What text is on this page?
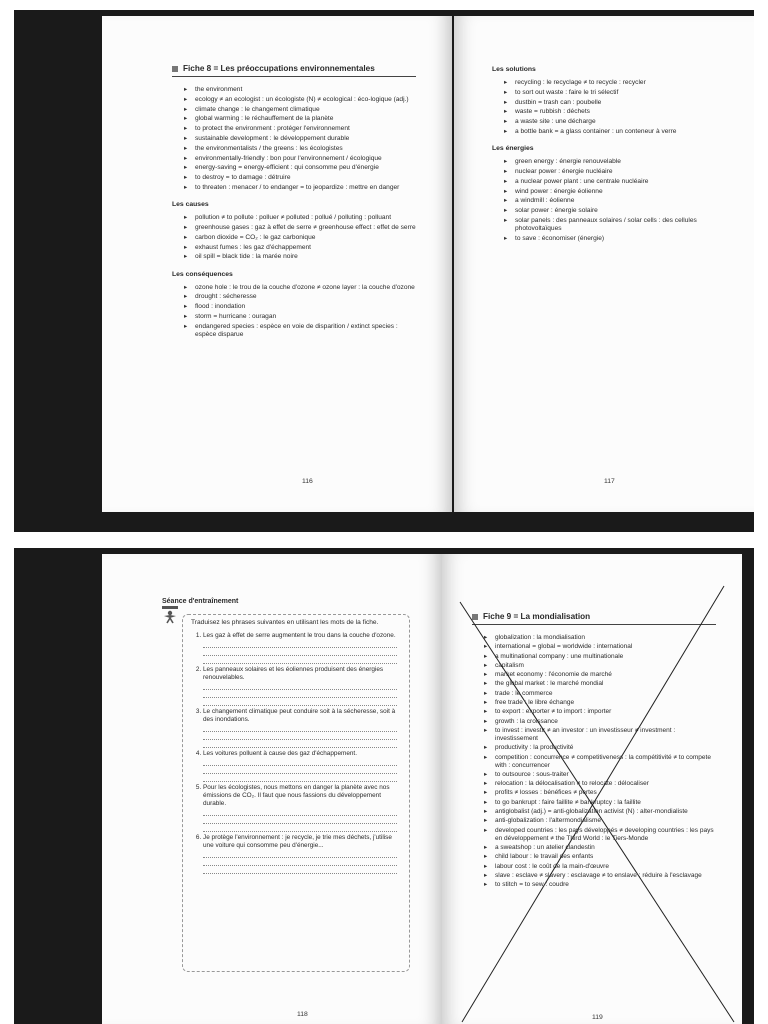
Fiche 8 = Les préoccupations environnementales
▸ the environment
▸ ecology ≠ an ecologist : un écologiste (N) ≠ ecological : éco-logique (adj.)
▸ climate change : le changement climatique
▸ global warming : le réchauffement de la planète
▸ to protect the environment : protéger l'environnement
▸ sustainable development : le développement durable
▸ the environmentalists / the greens : les écologistes
▸ environmentally-friendly : bon pour l'environnement / écologique
▸ energy-saving = energy-efficient : qui consomme peu d'énergie
▸ to destroy = to damage : détruire
▸ to threaten : menacer / to endanger = to jeopardize : mettre en danger
Les causes
▸ pollution ≠ to pollute : polluer ≠ polluted : pollué / polluting : polluant
▸ greenhouse gases : gaz à effet de serre ≠ greenhouse effect : effet de serre
▸ carbon dioxide = CO₂ : le gaz carbonique
▸ exhaust fumes : les gaz d'échappement
▸ oil spill = black tide : la marée noire
Les conséquences
▸ ozone hole : le trou de la couche d'ozone ≠ ozone layer : la couche d'ozone
▸ drought : sécheresse
▸ flood : inondation
▸ storm = hurricane : ouragan
▸ endangered species : espèce en voie de disparition / extinct species : espèce disparue
116
Les solutions
▸ recycling : le recyclage ≠ to recycle : recycler
▸ to sort out waste : faire le tri sélectif
▸ dustbin = trash can : poubelle
▸ waste = rubbish : déchets
▸ a waste site : une décharge
▸ a bottle bank = a glass container : un conteneur à verre
Les énergies
▸ green energy : énergie renouvelable
▸ nuclear power : énergie nucléaire
▸ a nuclear power plant : une centrale nucléaire
▸ wind power : énergie éolienne
▸ a windmill : éolienne
▸ solar power : énergie solaire
▸ solar panels : des panneaux solaires / solar cells : des cellules photovoltaïques
▸ to save : économiser (énergie)
117
Séance d'entraînement
Traduisez les phrases suivantes en utilisant les mots de la fiche.
1. Les gaz à effet de serre augmentent le trou dans la couche d'ozone.
2. Les panneaux solaires et les éoliennes produisent des énergies renouvelables.
3. Le changement climatique peut conduire soit à la sécheresse, soit à des inondations.
4. Les voitures polluent à cause des gaz d'échappement.
5. Pour les écologistes, nous mettons en danger la planète avec nos émissions de CO₂. Il faut que nous fassions du développement durable.
6. Je protège l'environnement : je recycle, je trie mes déchets, j'utilise une voiture qui consomme peu d'énergie...
118
Fiche 9 = La mondialisation
▸ globalization : la mondialisation
▸ international = global = worldwide : international
▸ a multinational company : une multinationale
▸ capitalism
▸ market economy : l'économie de marché
▸ the global market : le marché mondial
▸ trade : le commerce
▸ free trade : le libre échange
▸ to export : exporter ≠ to import : importer
▸ growth : la croissance
▸ to invest : investir ≠ an investor : un investisseur ≠ investment : investissement
▸ productivity : la productivité
▸ competition : concurrence ≠ competitiveness : la compétitivité ≠ to compete with : concurrencer
▸ to outsource : sous-traiter
▸ relocation : la délocalisation ≠ to relocate : délocaliser
▸ profits ≠ losses : bénéfices ≠ pertes
▸ to go bankrupt : faire faillite ≠ bankruptcy : la faillite
▸ antiglobalist (adj.) = anti-globalization activist (N) : alter-mondialiste
▸ anti-globalization : l'altermondialisme
▸ developed countries : les pays développés ≠ developing countries : les pays en développement ≠ the Third World : le Tiers-Monde
▸ a sweatshop : un atelier clandestin
▸ child labour : le travail des enfants
▸ labour cost : le coût de la main-d'œuvre
▸ slave : esclave ≠ slavery : esclavage ≠ to enslave : réduire à l'esclavage
▸ to stitch = to sew : coudre
119
